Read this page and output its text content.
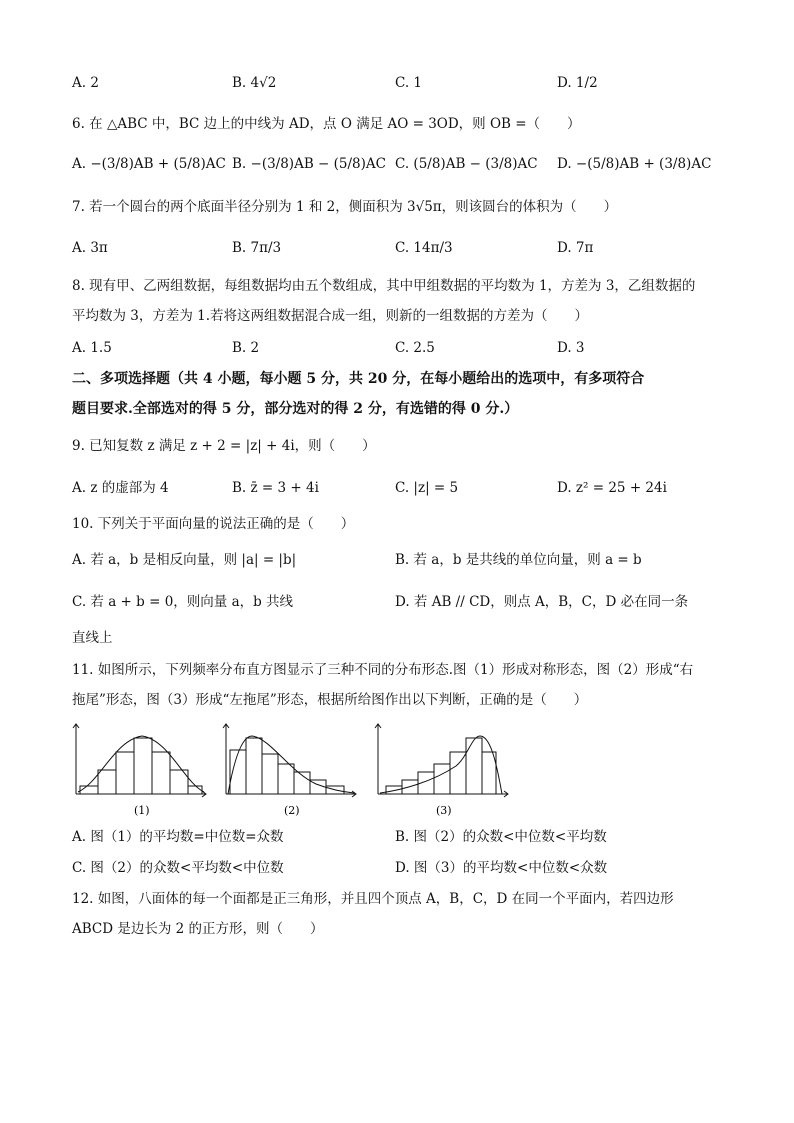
A. 2	B. 4√2	C. 1	D. 1/2
6. 在 △ABC 中，BC 边上的中线为 AD，点 O 满足 AO = 3OD，则 OB =（　　）
A. −(3/8)AB + (5/8)AC B. −(3/8)AB − (5/8)AC C. (5/8)AB − (3/8)AC D. −(5/8)AB + (3/8)AC
7. 若一个圆台的两个底面半径分别为 1 和 2，侧面积为 3√5π，则该圆台的体积为（　　）
A. 3π	B. 7π/3	C. 14π/3	D. 7π
8. 现有甲、乙两组数据，每组数据均由五个数组成，其中甲组数据的平均数为 1，方差为 3，乙组数据的
平均数为 3，方差为 1.若将这两组数据混合成一组，则新的一组数据的方差为（　　）
A. 1.5	B. 2	C. 2.5	D. 3
二、多项选择题（共 4 小题，每小题 5 分，共 20 分，在每小题给出的选项中，有多项符合
题目要求.全部选对的得 5 分，部分选对的得 2 分，有选错的得 0 分.）
9. 已知复数 z 满足 z + 2 = |z| + 4i，则（　　）
A. z 的虚部为 4	B. z̄ = 3 + 4i	C. |z| = 5	D. z² = 25 + 24i
10. 下列关于平面向量的说法正确的是（　　）
A. 若 a，b 是相反向量，则 |a| = |b|	B. 若 a，b 是共线的单位向量，则 a = b
C. 若 a + b = 0，则向量 a，b 共线	D. 若 AB // CD，则点 A，B，C，D 必在同一条
直线上
11. 如图所示，下列频率分布直方图显示了三种不同的分布形态.图（1）形成对称形态，图（2）形成“右
拖尾”形态，图（3）形成“左拖尾”形态，根据所给图作出以下判断，正确的是（　　）
(1)	(2)	(3)
A. 图（1）的平均数=中位数=众数	B. 图（2）的众数<中位数<平均数
C. 图（2）的众数<平均数<中位数	D. 图（3）的平均数<中位数<众数
12. 如图，八面体的每一个面都是正三角形，并且四个顶点 A，B，C，D 在同一个平面内，若四边形
ABCD 是边长为 2 的正方形，则（　　）
